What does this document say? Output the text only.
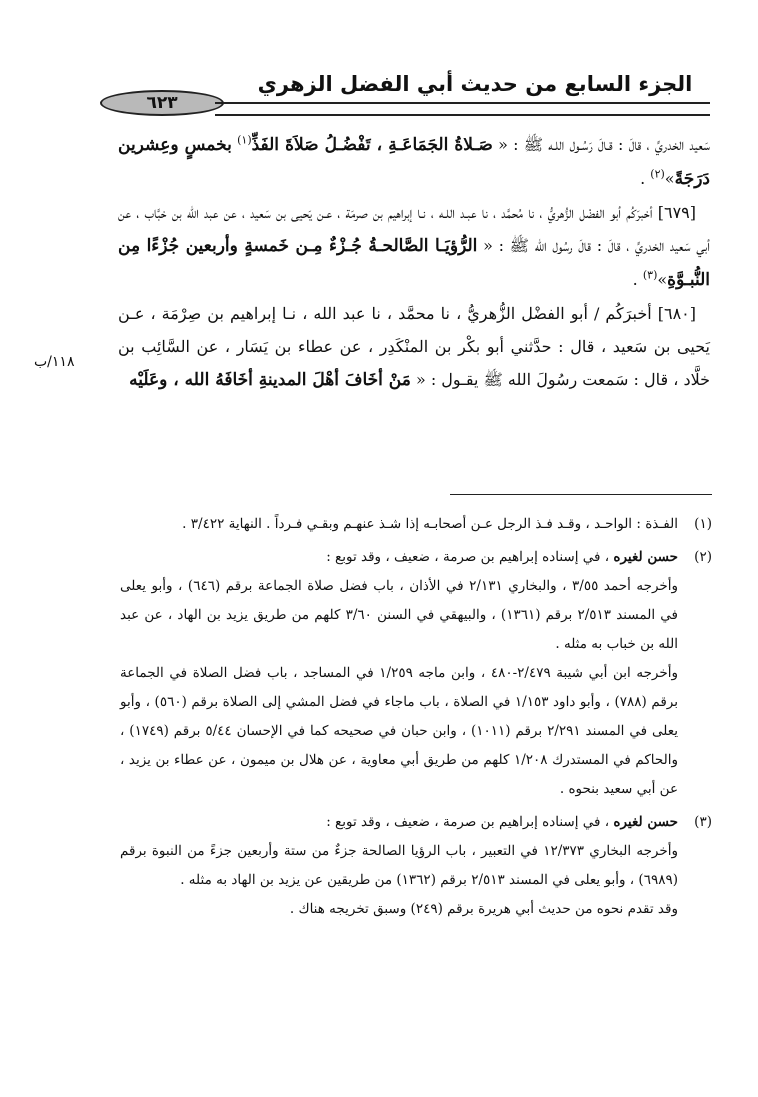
٦٢٣
الجزء السابع من حديث أبي الفضل الزهري

سَعيد الخدريِّ ، قالَ : قـالَ رَسُـول اللـه ﷺ : « صَـلاةُ الجَمَاعَـةِ ، تَفْضُـلُ صَلاَةَ الفَذِّ$^{(١)}$ بخمسٍ وعِشرين دَرَجَةً»$^{(٢)}$ .

[٦٧٩] أخبرَكُم أبو الفضْل الزُّهريُّ ، نا مُحمَّد ، نا عبـد اللـه ، نـا إبراهيم بن صرمَة ، عـن يَحيى بن سَعيد ، عن عبد الله بن خبَّاب ، عن أبي سَعيد الخدريِّ ، قالَ : قالَ رسُول الله ﷺ : « الرُّؤيَـا الصَّالحـةُ جُـزْءٌ مِـن خَمسةٍ وأربعين جُزْءًا مِن النُّبـوَّةِ»$^{(٣)}$ .

[٦٨٠] أخبرَكُم / أبو الفضْل الزُّهريُّ ، نا محمَّد ، نا عبد الله ، نـا إبراهيم بن صِرْمَة ، عـن يَحيى بن سَعيد ، قال : حدَّثني أبو بكْر بن المنْكَدِر ، عن عطاء بن يَسَار ، عن السَّائِب بن خلَّاد ، قال : سَمعت رسُولَ الله ﷺ يقـول : « مَنْ أخَافَ أهْلَ المدينةِ أخَافَهُ الله ، وعَلَيْه

١١٨/ب
(١)

الفـذة : الواحـد ، وقـد فـذ الرجل عـن أصحابـه إذا شـذ عنهـم وبقـي فـرداً . النهاية ٣/٤٢٢ .

(٢)

حسن لغيره ، في إسناده إبراهيم بن صرمة ، ضعيف ، وقد توبع :

وأخرجه أحمد ٣/٥٥ ، والبخاري ٢/١٣١ في الأذان ، باب فضل صلاة الجماعة برقم (٦٤٦) ، وأبو يعلى في المسند ٢/٥١٣ برقم (١٣٦١) ، والبيهقي في السنن ٣/٦٠ كلهم من طريق يزيد بن الهاد ، عن عبد الله بن خباب به مثله .

وأخرجه ابن أبي شيبة ٢/٤٧٩-٤٨٠ ، وابن ماجه ١/٢٥٩ في المساجد ، باب فضل الصلاة في الجماعة برقم (٧٨٨) ، وأبو داود ١/١٥٣ في الصلاة ، باب ماجاء في فضل المشي إلى الصلاة برقم (٥٦٠) ، وأبو يعلى في المسند ٢/٢٩١ برقم (١٠١١) ، وابن حبان في صحيحه كما في الإحسان ٥/٤٤ برقم (١٧٤٩) ، والحاكم في المستدرك ١/٢٠٨ كلهم من طريق أبي معاوية ، عن هلال بن ميمون ، عن عطاء بن يزيد ، عن أبي سعيد بنحوه .

(٣)

حسن لغيره ، في إسناده إبراهيم بن صرمة ، ضعيف ، وقد توبع :

وأخرجه البخاري ١٢/٣٧٣ في التعبير ، باب الرؤيا الصالحة جزءٌ من ستة وأربعين جزءً من النبوة برقم (٦٩٨٩) ، وأبو يعلى في المسند ٢/٥١٣ برقم (١٣٦٢) من طريقين عن يزيد بن الهاد به مثله .

وقد تقدم نحوه من حديث أبي هريرة برقم (٢٤٩) وسبق تخريجه هناك .
